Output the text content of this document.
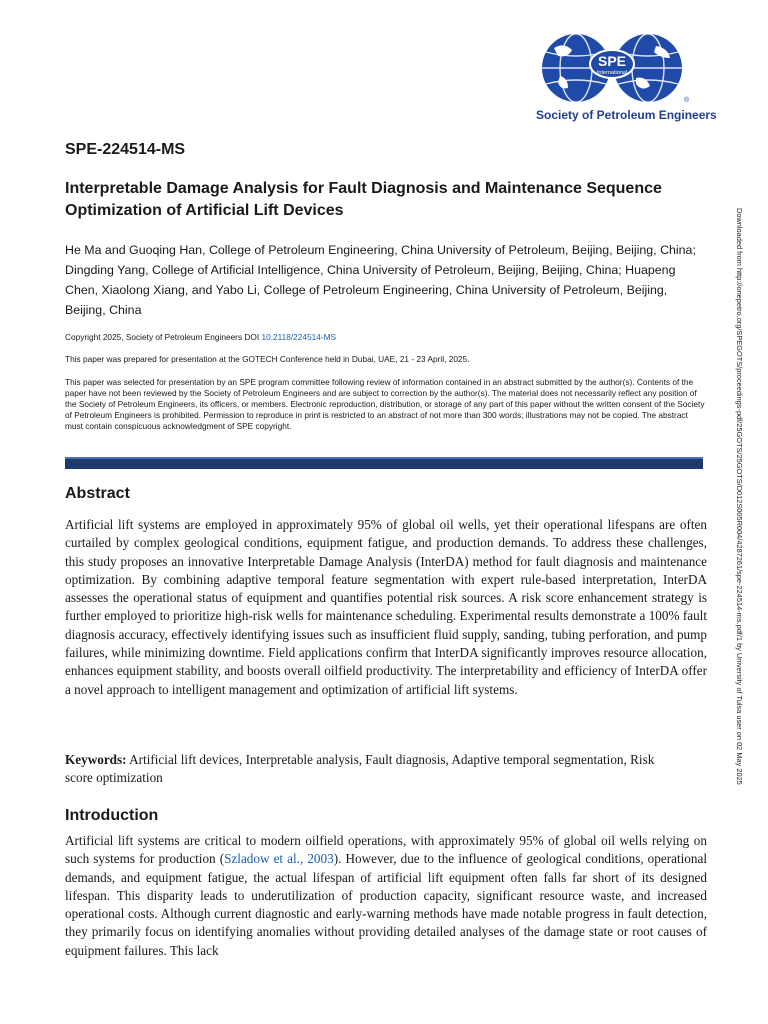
SPE
International
®
Society of Petroleum Engineers

SPE-224514-MS

Interpretable Damage Analysis for Fault Diagnosis and Maintenance Sequence Optimization of Artificial Lift Devices

He Ma and Guoqing Han, College of Petroleum Engineering, China University of Petroleum, Beijing, Beijing, China; Dingding Yang, College of Artificial Intelligence, China University of Petroleum, Beijing, Beijing, China; Huapeng Chen, Xiaolong Xiang, and Yabo Li, College of Petroleum Engineering, China University of Petroleum, Beijing, Beijing, China

Copyright 2025, Society of Petroleum Engineers DOI 10.2118/224514-MS

This paper was prepared for presentation at the GOTECH Conference held in Dubai, UAE, 21 - 23 April, 2025.

This paper was selected for presentation by an SPE program committee following review of information contained in an abstract submitted by the author(s). Contents of the paper have not been reviewed by the Society of Petroleum Engineers and are subject to correction by the author(s). The material does not necessarily reflect any position of the Society of Petroleum Engineers, its officers, or members. Electronic reproduction, distribution, or storage of any part of this paper without the written consent of the Society of Petroleum Engineers is prohibited. Permission to reproduce in print is restricted to an abstract of not more than 300 words; illustrations may not be copied. The abstract must contain conspicuous acknowledgment of SPE copyright.

Abstract

Artificial lift systems are employed in approximately 95% of global oil wells, yet their operational lifespans are often curtailed by complex geological conditions, equipment fatigue, and production demands. To address these challenges, this study proposes an innovative Interpretable Damage Analysis (InterDA) method for fault diagnosis and maintenance optimization. By combining adaptive temporal feature segmentation with expert rule-based interpretation, InterDA assesses the operational status of equipment and quantifies potential risk sources. A risk score enhancement strategy is further employed to prioritize high-risk wells for maintenance scheduling. Experimental results demonstrate a 100% fault diagnosis accuracy, effectively identifying issues such as insufficient fluid supply, sanding, tubing perforation, and pump failures, while minimizing downtime. Field applications confirm that InterDA significantly improves resource allocation, enhances equipment stability, and boosts overall oilfield productivity. The interpretability and efficiency of InterDA offer a novel approach to intelligent management and optimization of artificial lift systems.

Keywords: Artificial lift devices, Interpretable analysis, Fault diagnosis, Adaptive temporal segmentation, Risk score optimization

Introduction

Artificial lift systems are critical to modern oilfield operations, with approximately 95% of global oil wells relying on such systems for production (Szladow et al., 2003). However, due to the influence of geological conditions, operational demands, and equipment fatigue, the actual lifespan of artificial lift equipment often falls far short of its designed lifespan. This disparity leads to underutilization of production capacity, significant resource waste, and increased operational costs. Although current diagnostic and early-warning methods have made notable progress in fault detection, they primarily focus on identifying anomalies without providing detailed analyses of the damage state or root causes of equipment failures. This lack

Downloaded from http://onepetro.org/SPEGOTS/proceedings-pdf/25GOTS/25GOTS/D012S005R004/4287261/spe-224514-ms.pdf/1 by University of Tulsa user on 02 May 2025
